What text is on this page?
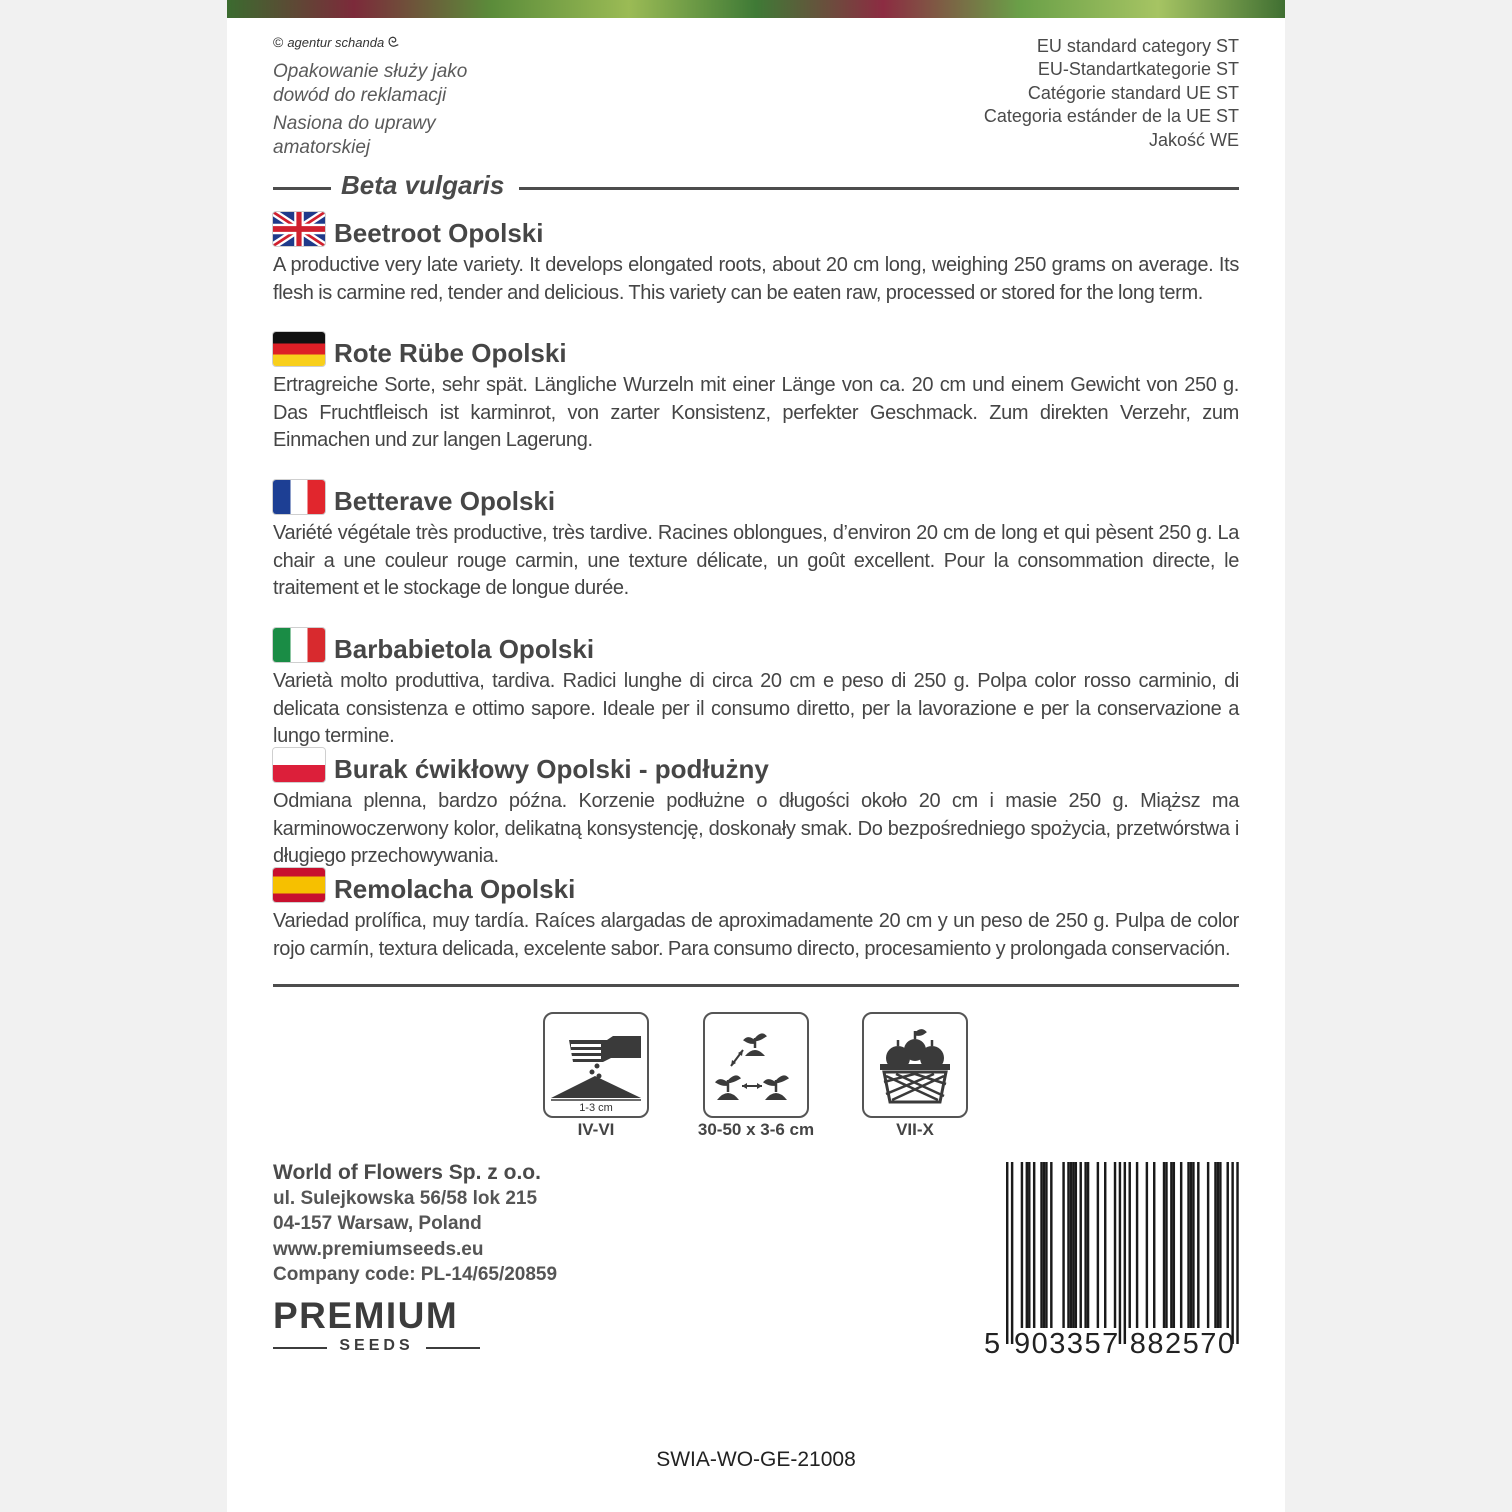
© agentur schanda ᘓ
Opakowanie służy jako
dowód do reklamacji
Nasiona do uprawy
amatorskiej
EU standard category ST
EU-Standartkategorie ST
Catégorie standard UE ST
Categoria estánder de la UE ST
Jakość WE
Beta vulgaris
Beetroot Opolski
A productive very late variety. It develops elongated roots, about 20 cm long, weighing 250 grams on average. Its flesh is carmine red, tender and delicious. This variety can be eaten raw, processed or stored for the long term.
Rote Rübe Opolski
Ertragreiche Sorte, sehr spät. Längliche Wurzeln mit einer Länge von ca. 20 cm und einem Gewicht von 250 g. Das Fruchtfleisch ist karminrot, von zarter Konsistenz, perfekter Geschmack. Zum direkten Verzehr, zum Einmachen und zur langen Lagerung.
Betterave Opolski
Variété végétale très productive, très tardive. Racines oblongues, d’environ 20 cm de long et qui pèsent 250 g. La chair a une couleur rouge carmin, une texture délicate, un goût excellent. Pour la consommation directe, le traitement et le stockage de longue durée.
Barbabietola Opolski
Varietà molto produttiva, tardiva. Radici lunghe di circa 20 cm e peso di 250 g. Polpa color rosso carminio, di delicata consistenza e ottimo sapore. Ideale per il consumo diretto, per la lavorazione e per la conservazione a lungo termine.
Burak ćwikłowy Opolski - podłużny
Odmiana plenna, bardzo późna. Korzenie podłużne o długości około 20 cm i masie 250 g. Miąższ ma karminowoczerwony kolor, delikatną konsystencję, doskonały smak. Do bezpośredniego spożycia, przetwórstwa i długiego przechowywania.
Remolacha Opolski
Variedad prolífica, muy tardía. Raíces alargadas de aproximadamente 20 cm y un peso de 250 g. Pulpa de color rojo carmín, textura delicada, excelente sabor. Para consumo directo, procesamiento y prolongada conservación.
1-3 cm
IV-VI	30-50 x 3-6 cm	VII-X
World of Flowers Sp. z o.o.
ul. Sulejkowska 56/58 lok 215
04-157 Warsaw, Poland
www.premiumseeds.eu
Company code: PL-14/65/20859
PREMIUM
SEEDS	5 903357 882570
SWIA-WO-GE-21008
